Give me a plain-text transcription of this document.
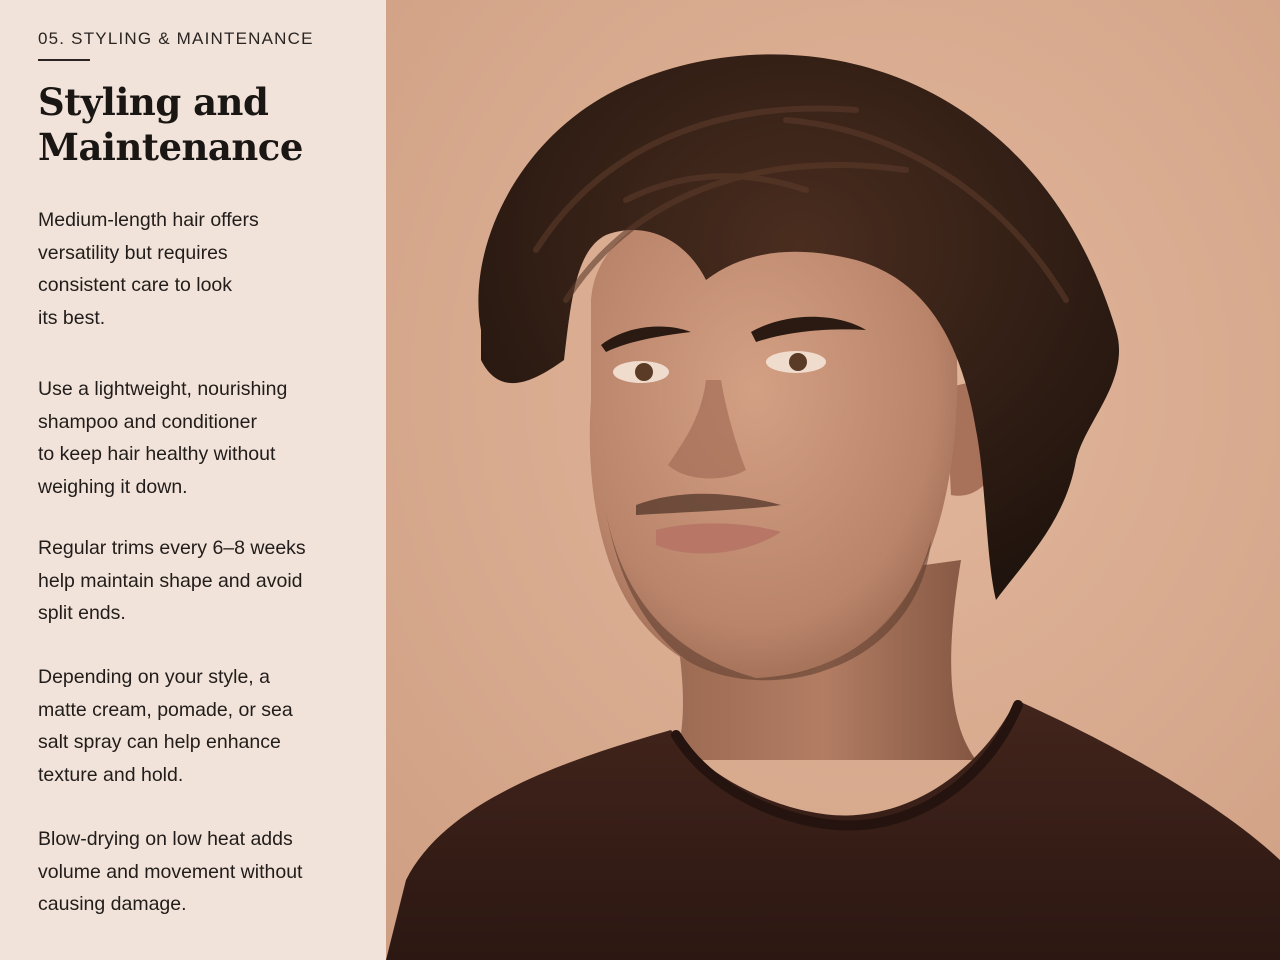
05. STYLING & MAINTENANCE
Styling and
Maintenance

Medium-length hair offers
versatility but requires
consistent care to look
its best.

Use a lightweight, nourishing
shampoo and conditioner
to keep hair healthy without
weighing it down.

Regular trims every 6–8 weeks
help maintain shape and avoid
split ends.

Depending on your style, a
matte cream, pomade, or sea
salt spray can help enhance
texture and hold.

Blow-drying on low heat adds
volume and movement without
causing damage.
